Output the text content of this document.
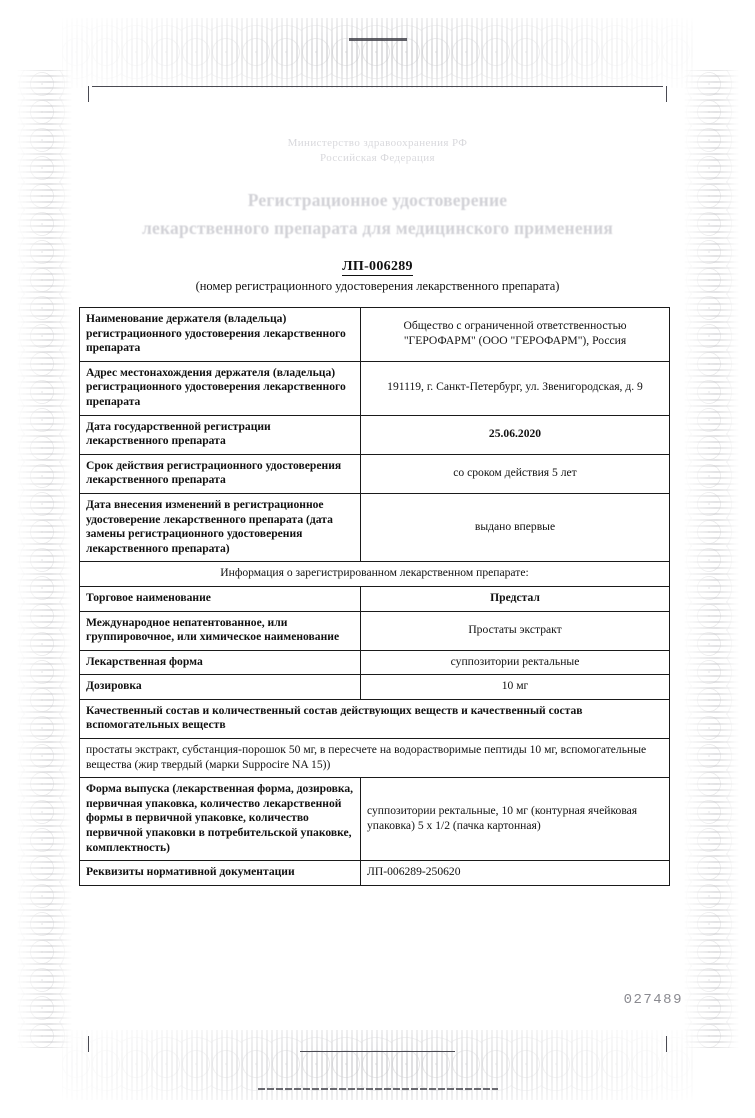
Министерство здравоохранения РФ
Российская Федерация
Регистрационное удостоверение
лекарственного препарата для медицинского применения
ЛП-006289
(номер регистрационного удостоверения лекарственного препарата)
Наименование держателя (владельца) регистрационного удостоверения лекарственного препарата	Общество с ограниченной ответственностью "ГЕРОФАРМ" (ООО "ГЕРОФАРМ"), Россия
Адрес местонахождения держателя (владельца) регистрационного удостоверения лекарственного препарата	191119, г. Санкт-Петербург, ул. Звенигородская, д. 9
Дата государственной регистрации лекарственного препарата	25.06.2020
Срок действия регистрационного удостоверения лекарственного препарата	со сроком действия 5 лет
Дата внесения изменений в регистрационное удостоверение лекарственного препарата (дата замены регистрационного удостоверения лекарственного препарата)	выдано впервые
Информация о зарегистрированном лекарственном препарате:	
Торговое наименование	Предстал
Международное непатентованное, или группировочное, или химическое наименование	Простаты экстракт
Лекарственная форма	суппозитории ректальные
Дозировка	10 мг
Качественный состав и количественный состав действующих веществ и качественный состав вспомогательных веществ	
простаты экстракт, субстанция-порошок 50 мг, в пересчете на водорастворимые пептиды 10 мг, вспомогательные вещества (жир твердый (марки Suppocire NA 15))	
Форма выпуска (лекарственная форма, дозировка, первичная упаковка, количество лекарственной формы в первичной упаковке, количество первичной упаковки в потребительской упаковке, комплектность)	суппозитории ректальные, 10 мг (контурная ячейковая упаковка) 5 x 1/2 (пачка картонная)
Реквизиты нормативной документации	ЛП-006289-250620
027489
